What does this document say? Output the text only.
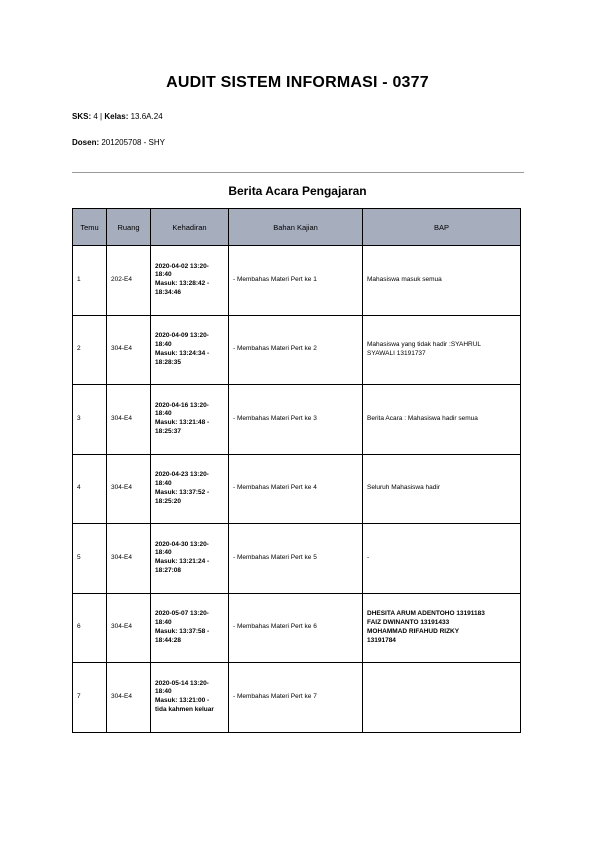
AUDIT SISTEM INFORMASI - 0377
SKS: 4 | Kelas: 13.6A.24
Dosen: 201205708 - SHY
Berita Acara Pengajaran
Temu	Ruang	Kehadiran	Bahan Kajian	BAP
1	202-E4	2020-04-02 13:20-
18:40
Masuk: 13:28:42 -
18:34:46	- Membahas Materi Pert ke 1	Mahasiswa masuk semua

2	304-E4	2020-04-09 13:20-
18:40
Masuk: 13:24:34 -
18:28:35	- Membahas Materi Pert ke 2	Mahasiswa yang tidak hadir :SYAHRUL
SYAWALI 13191737

3	304-E4	2020-04-16 13:20-
18:40
Masuk: 13:21:48 -
18:25:37	- Membahas Materi Pert ke 3	Berita Acara : Mahasiswa hadir semua

4	304-E4	2020-04-23 13:20-
18:40
Masuk: 13:37:52 -
18:25:20	- Membahas Materi Pert ke 4	Seluruh Mahasiswa hadir

5	304-E4	2020-04-30 13:20-
18:40
Masuk: 13:21:24 -
18:27:08	- Membahas Materi Pert ke 5	-

6	304-E4	2020-05-07 13:20-
18:40
Masuk: 13:37:58 -
18:44:28	- Membahas Materi Pert ke 6	DHESITA ARUM ADENTOHO 13191183
FAIZ DWINANTO 13191433
MOHAMMAD RIFAHUD RIZKY
13191784

7	304-E4	2020-05-14 13:20-
18:40
Masuk: 13:21:00 -
tida kahmen keluar	- Membahas Materi Pert ke 7	
